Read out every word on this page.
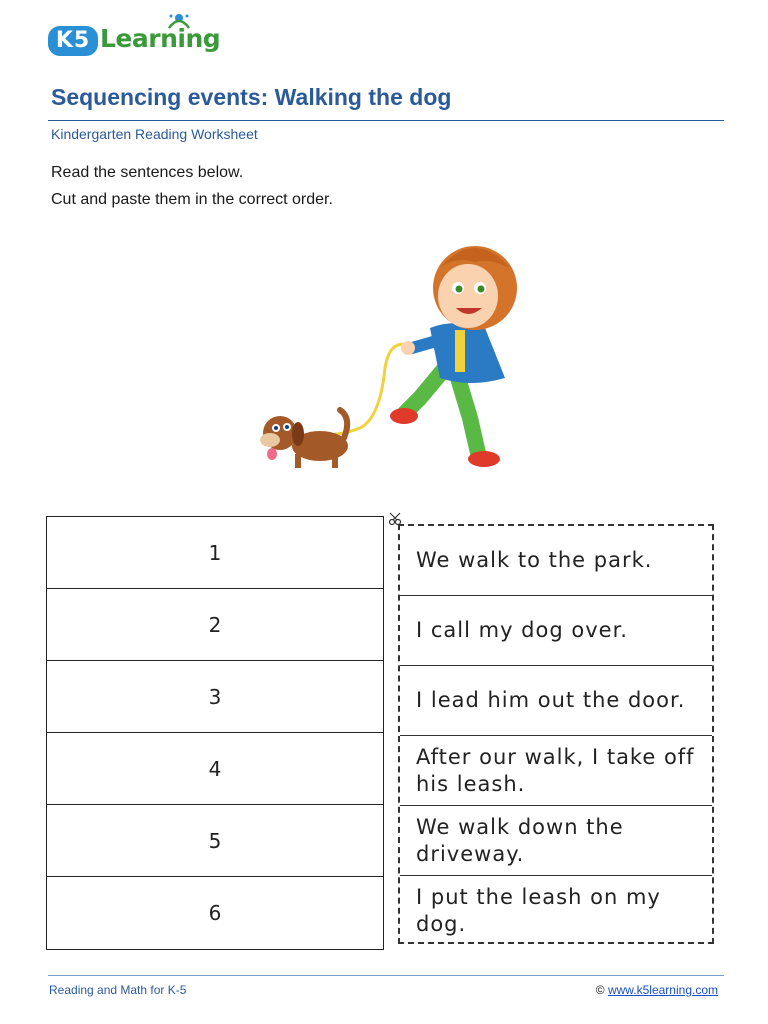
K5 Learning
Sequencing events: Walking the dog
Kindergarten Reading Worksheet
Read the sentences below.
Cut and paste them in the correct order.
1
2
3
4
5
6
We walk to the park.
I call my dog over.
I lead him out the door.
After our walk, I take off his leash.
We walk down the driveway.
I put the leash on my dog.
Reading and Math for K-5	© www.k5learning.com
